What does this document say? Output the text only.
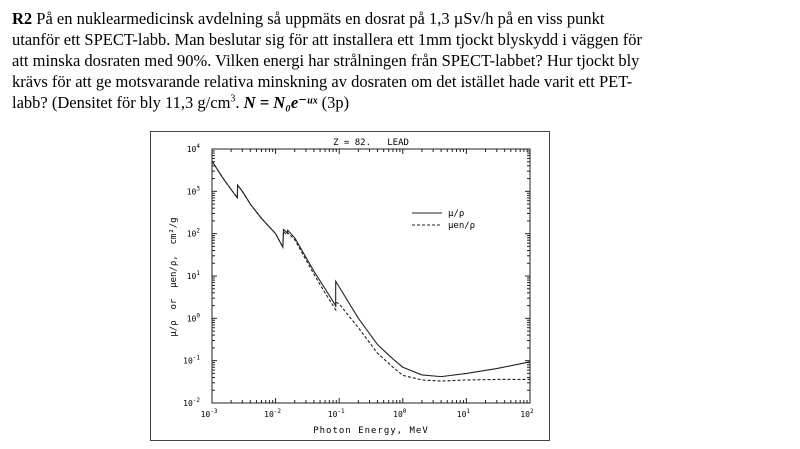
R2 På en nuklearmedicinsk avdelning så uppmäts en dosrat på 1,3 µSv/h på en viss punkt
utanför ett SPECT-labb. Man beslutar sig för att installera ett 1mm tjockt blyskydd i väggen för
att minska dosraten med 90%. Vilken energi har strålningen från SPECT-labbet? Hur tjockt bly
krävs för att ge motsvarande relativa minskning av dosraten om det istället hade varit ett PET-
labb? (Densitet för bly 11,3 $g/cm^3$. N = N₀e⁻ᵘˣ (3p)
Z = 82.   LEAD
Photon Energy, MeV
μ/ρ  or  μen/ρ,  cm²/g
$10^{-3}$	$10^{-2}$	$10^{-1}$	$10^0$	$10^1$	$10^2$
$10^{-2}$
$10^{-1}$
$10^0$
$10^1$
$10^2$
$10^3$
$10^4$
μ/ρ
μen/ρ
